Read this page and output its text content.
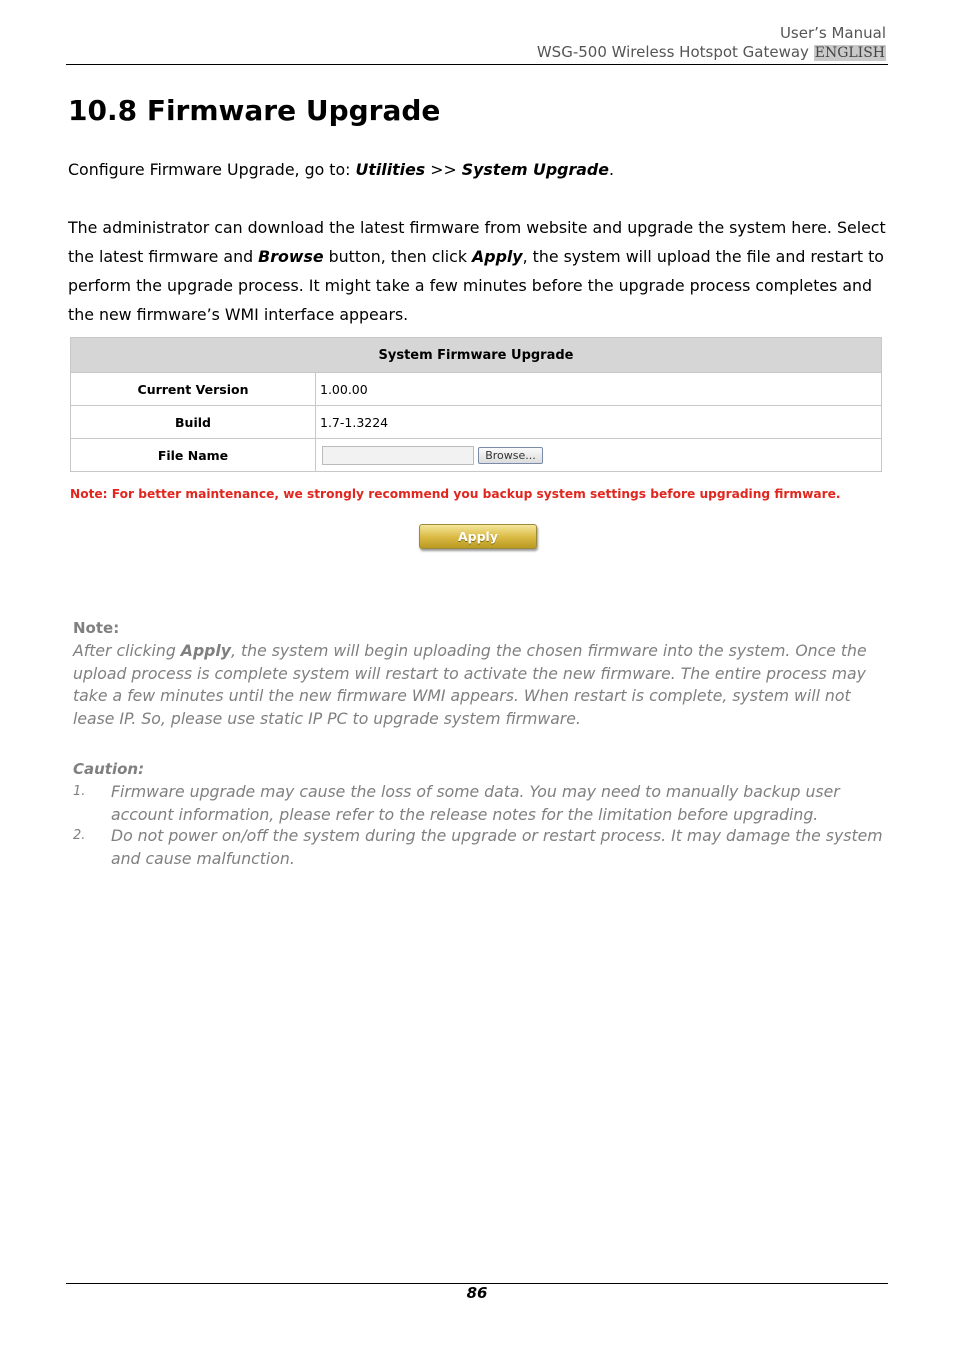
User’s Manual
WSG-500 Wireless Hotspot Gateway ENGLISH
10.8 Firmware Upgrade

Configure Firmware Upgrade, go to: Utilities >> System Upgrade.

The administrator can download the latest firmware from website and upgrade the system here. Select the latest firmware and Browse button, then click Apply, the system will upload the file and restart to perform the upgrade process. It might take a few minutes before the upgrade process completes and the new firmware’s WMI interface appears.

System Firmware Upgrade	
Current Version	1.00.00
Build	1.7-1.3224
File Name	Browse...
Note: For better maintenance, we strongly recommend you backup system settings before upgrading firmware.
Apply
Note:

After clicking Apply, the system will begin uploading the chosen firmware into the system. Once the upload process is complete system will restart to activate the new firmware. The entire process may take a few minutes until the new firmware WMI appears. When restart is complete, system will not lease IP. So, please use static IP PC to upgrade system firmware.

Caution:
1. Firmware upgrade may cause the loss of some data. You may need to manually backup user account information, please refer to the release notes for the limitation before upgrading.
2. Do not power on/off the system during the upgrade or restart process. It may damage the system and cause malfunction.
86
